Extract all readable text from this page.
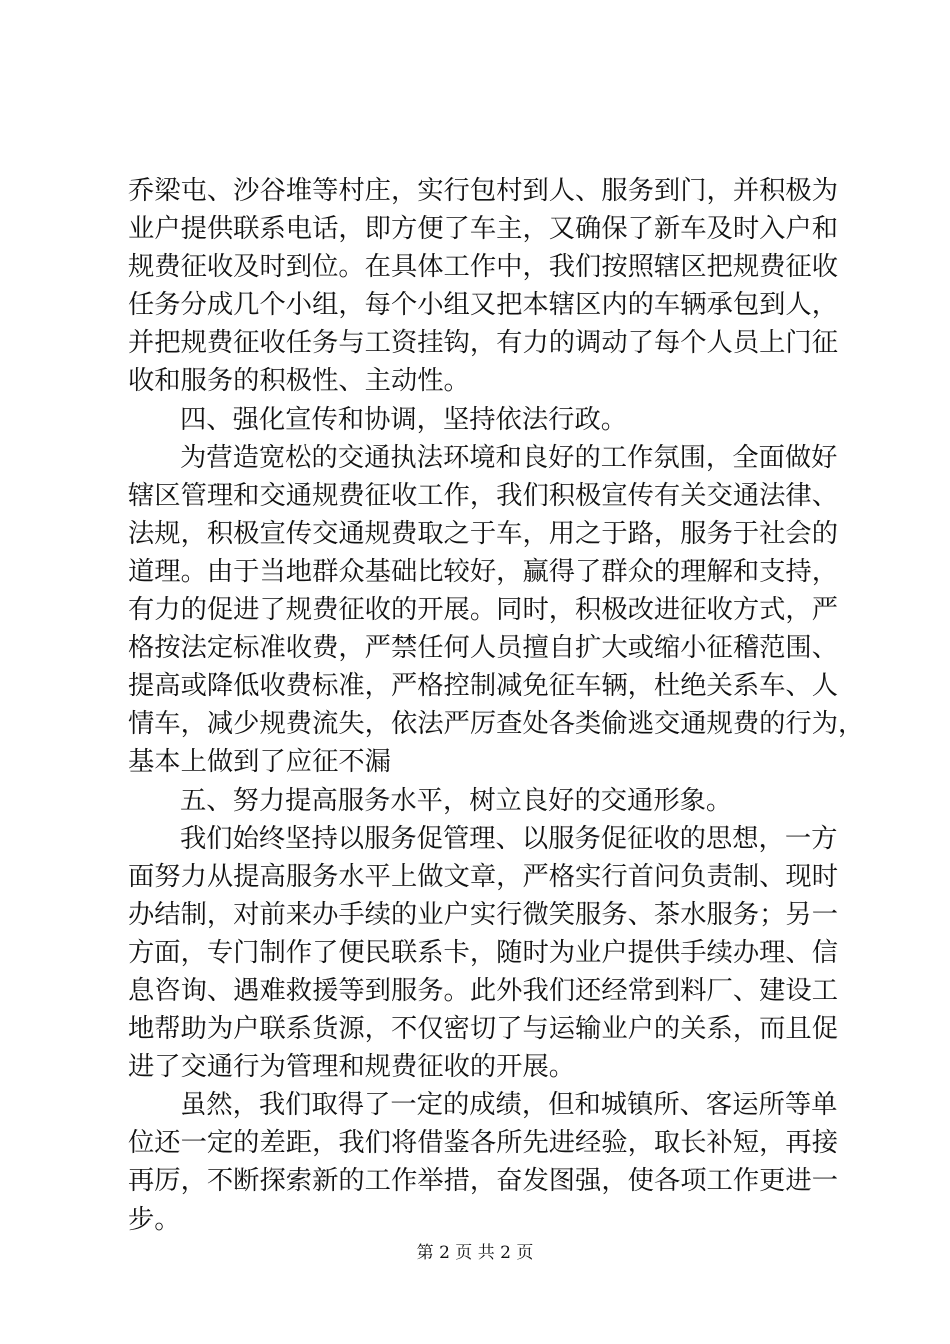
乔梁屯、沙谷堆等村庄，实行包村到人、服务到门，并积极为
业户提供联系电话，即方便了车主，又确保了新车及时入户和
规费征收及时到位。在具体工作中，我们按照辖区把规费征收
任务分成几个小组，每个小组又把本辖区内的车辆承包到人，
并把规费征收任务与工资挂钩，有力的调动了每个人员上门征
收和服务的积极性、主动性。
四、强化宣传和协调，坚持依法行政。
为营造宽松的交通执法环境和良好的工作氛围，全面做好
辖区管理和交通规费征收工作，我们积极宣传有关交通法律、
法规，积极宣传交通规费取之于车，用之于路，服务于社会的
道理。由于当地群众基础比较好，赢得了群众的理解和支持，
有力的促进了规费征收的开展。同时，积极改进征收方式，严
格按法定标准收费，严禁任何人员擅自扩大或缩小征稽范围、
提高或降低收费标准，严格控制减免征车辆，杜绝关系车、人
情车，减少规费流失，依法严厉查处各类偷逃交通规费的行为，
基本上做到了应征不漏
五、努力提高服务水平，树立良好的交通形象。
我们始终坚持以服务促管理、以服务促征收的思想，一方
面努力从提高服务水平上做文章，严格实行首问负责制、现时
办结制，对前来办手续的业户实行微笑服务、茶水服务；另一
方面，专门制作了便民联系卡，随时为业户提供手续办理、信
息咨询、遇难救援等到服务。此外我们还经常到料厂、建设工
地帮助为户联系货源，不仅密切了与运输业户的关系，而且促
进了交通行为管理和规费征收的开展。
虽然，我们取得了一定的成绩，但和城镇所、客运所等单
位还一定的差距，我们将借鉴各所先进经验，取长补短，再接
再厉，不断探索新的工作举措，奋发图强，使各项工作更进一
步。
第 2 页 共 2 页
